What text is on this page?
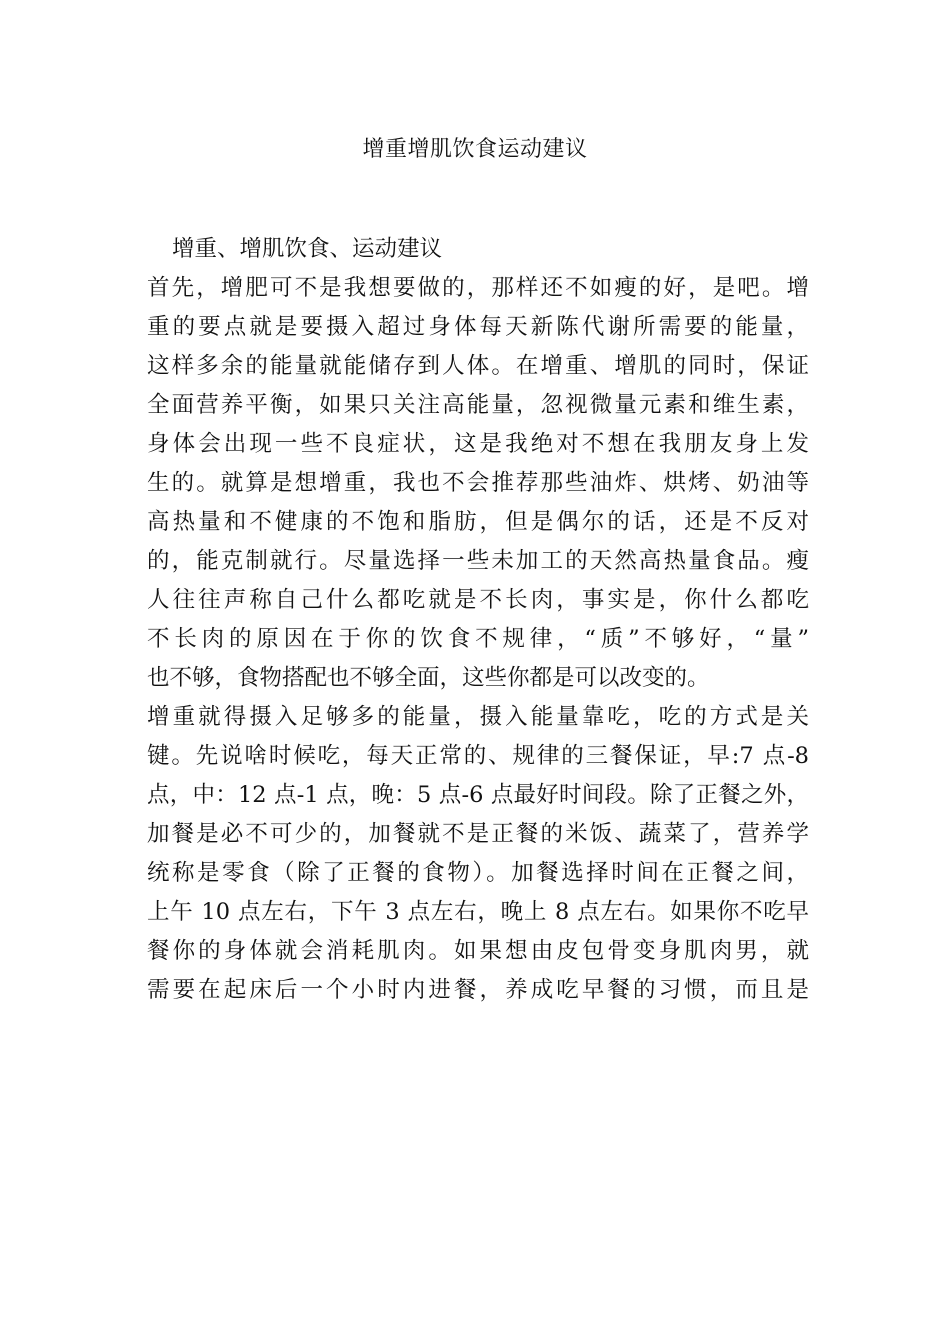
增重增肌饮食运动建议
增重、增肌饮食、运动建议
首先，增肥可不是我想要做的，那样还不如瘦的好，是吧。增
重的要点就是要摄入超过身体每天新陈代谢所需要的能量，
这样多余的能量就能储存到人体。在增重、增肌的同时，保证
全面营养平衡，如果只关注高能量，忽视微量元素和维生素，
身体会出现一些不良症状，这是我绝对不想在我朋友身上发
生的。就算是想增重，我也不会推荐那些油炸、烘烤、奶油等
高热量和不健康的不饱和脂肪，但是偶尔的话，还是不反对
的，能克制就行。尽量选择一些未加工的天然高热量食品。瘦
人往往声称自己什么都吃就是不长肉，事实是，你什么都吃
不长肉的原因在于你的饮食不规律，“质”不够好，“量”
也不够，食物搭配也不够全面，这些你都是可以改变的。
增重就得摄入足够多的能量，摄入能量靠吃，吃的方式是关
键。先说啥时候吃，每天正常的、规律的三餐保证，早:7 点-8
点，中：12 点-1 点，晚：5 点-6 点最好时间段。除了正餐之外，
加餐是必不可少的，加餐就不是正餐的米饭、蔬菜了，营养学
统称是零食（除了正餐的食物）。加餐选择时间在正餐之间，
上午 10 点左右，下午 3 点左右，晚上 8 点左右。如果你不吃早
餐你的身体就会消耗肌肉。如果想由皮包骨变身肌肉男，就
需要在起床后一个小时内进餐，养成吃早餐的习惯，而且是
